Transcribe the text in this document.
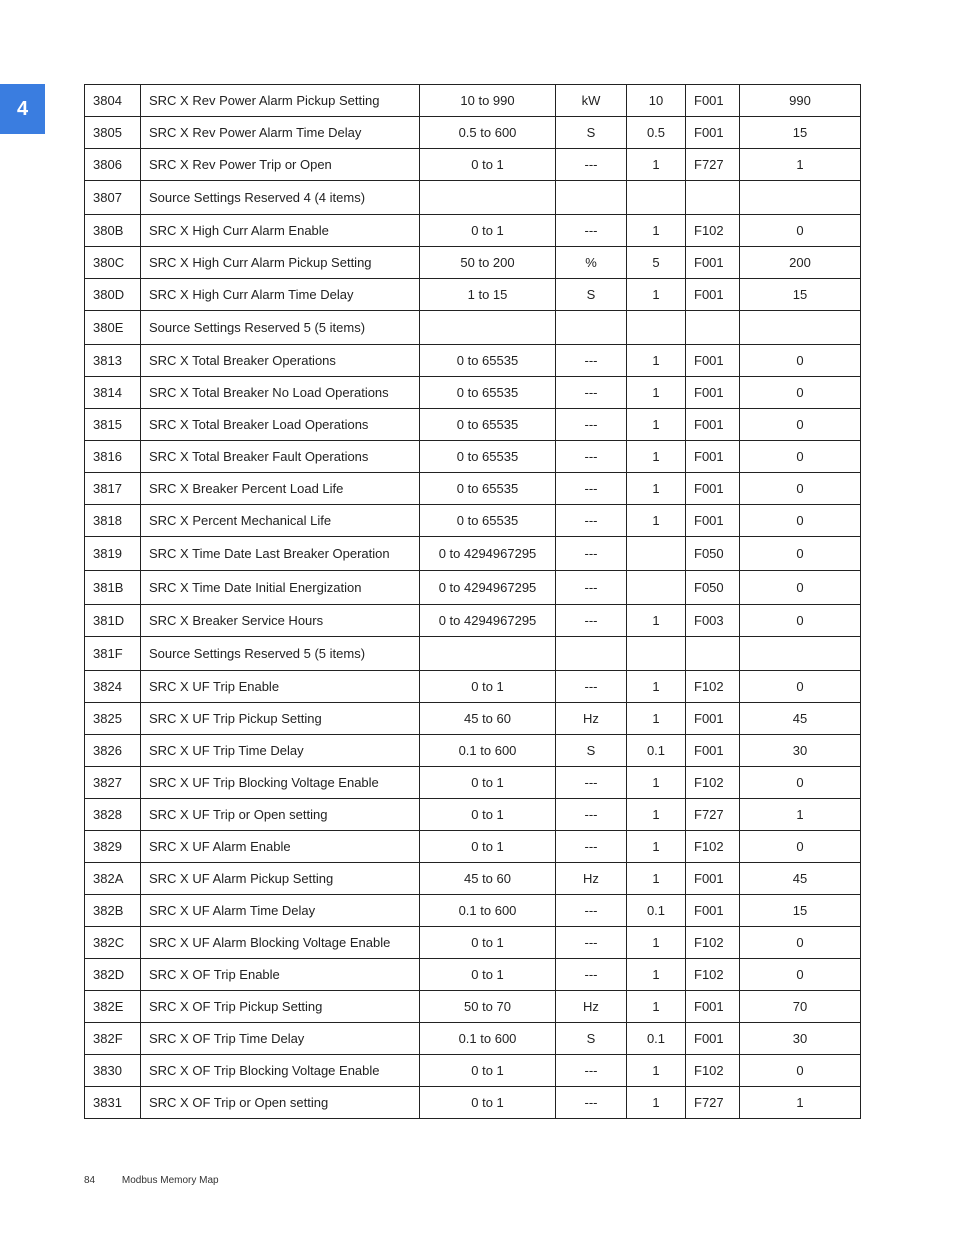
4	3804	SRC X Rev Power Alarm Pickup Setting	10 to 990	kW	10	F001	990
3805	SRC X Rev Power Alarm Time Delay	0.5 to 600	S	0.5	F001	15
3806	SRC X Rev Power Trip or Open	0 to 1	---	1	F727	1
3807	Source Settings Reserved 4 (4 items)					
380B	SRC X High Curr Alarm Enable	0 to 1	---	1	F102	0
380C	SRC X High Curr Alarm Pickup Setting	50 to 200	%	5	F001	200
380D	SRC X High Curr Alarm Time Delay	1 to 15	S	1	F001	15
380E	Source Settings Reserved 5 (5 items)					
3813	SRC X Total Breaker Operations	0 to 65535	---	1	F001	0
3814	SRC X Total Breaker No Load Operations	0 to 65535	---	1	F001	0
3815	SRC X Total Breaker Load Operations	0 to 65535	---	1	F001	0
3816	SRC X Total Breaker Fault Operations	0 to 65535	---	1	F001	0
3817	SRC X Breaker Percent Load Life	0 to 65535	---	1	F001	0
3818	SRC X Percent Mechanical Life	0 to 65535	---	1	F001	0
3819	SRC X Time Date Last Breaker Operation	0 to 4294967295	---		F050	0
381B	SRC X Time Date Initial Energization	0 to 4294967295	---		F050	0
381D	SRC X Breaker Service Hours	0 to 4294967295	---	1	F003	0
381F	Source Settings Reserved 5 (5 items)					
3824	SRC X UF Trip Enable	0 to 1	---	1	F102	0
3825	SRC X UF Trip Pickup Setting	45 to 60	Hz	1	F001	45
3826	SRC X UF Trip Time Delay	0.1 to 600	S	0.1	F001	30
3827	SRC X UF Trip Blocking Voltage Enable	0 to 1	---	1	F102	0
3828	SRC X UF Trip or Open setting	0 to 1	---	1	F727	1
3829	SRC X UF Alarm Enable	0 to 1	---	1	F102	0
382A	SRC X UF Alarm Pickup Setting	45 to 60	Hz	1	F001	45
382B	SRC X UF Alarm Time Delay	0.1 to 600	---	0.1	F001	15
382C	SRC X UF Alarm Blocking Voltage Enable	0 to 1	---	1	F102	0
382D	SRC X OF Trip Enable	0 to 1	---	1	F102	0
382E	SRC X OF Trip Pickup Setting	50 to 70	Hz	1	F001	70
382F	SRC X OF Trip Time Delay	0.1 to 600	S	0.1	F001	30
3830	SRC X OF Trip Blocking Voltage Enable	0 to 1	---	1	F102	0
3831	SRC X OF Trip or Open setting	0 to 1	---	1	F727	1
84	Modbus Memory Map
